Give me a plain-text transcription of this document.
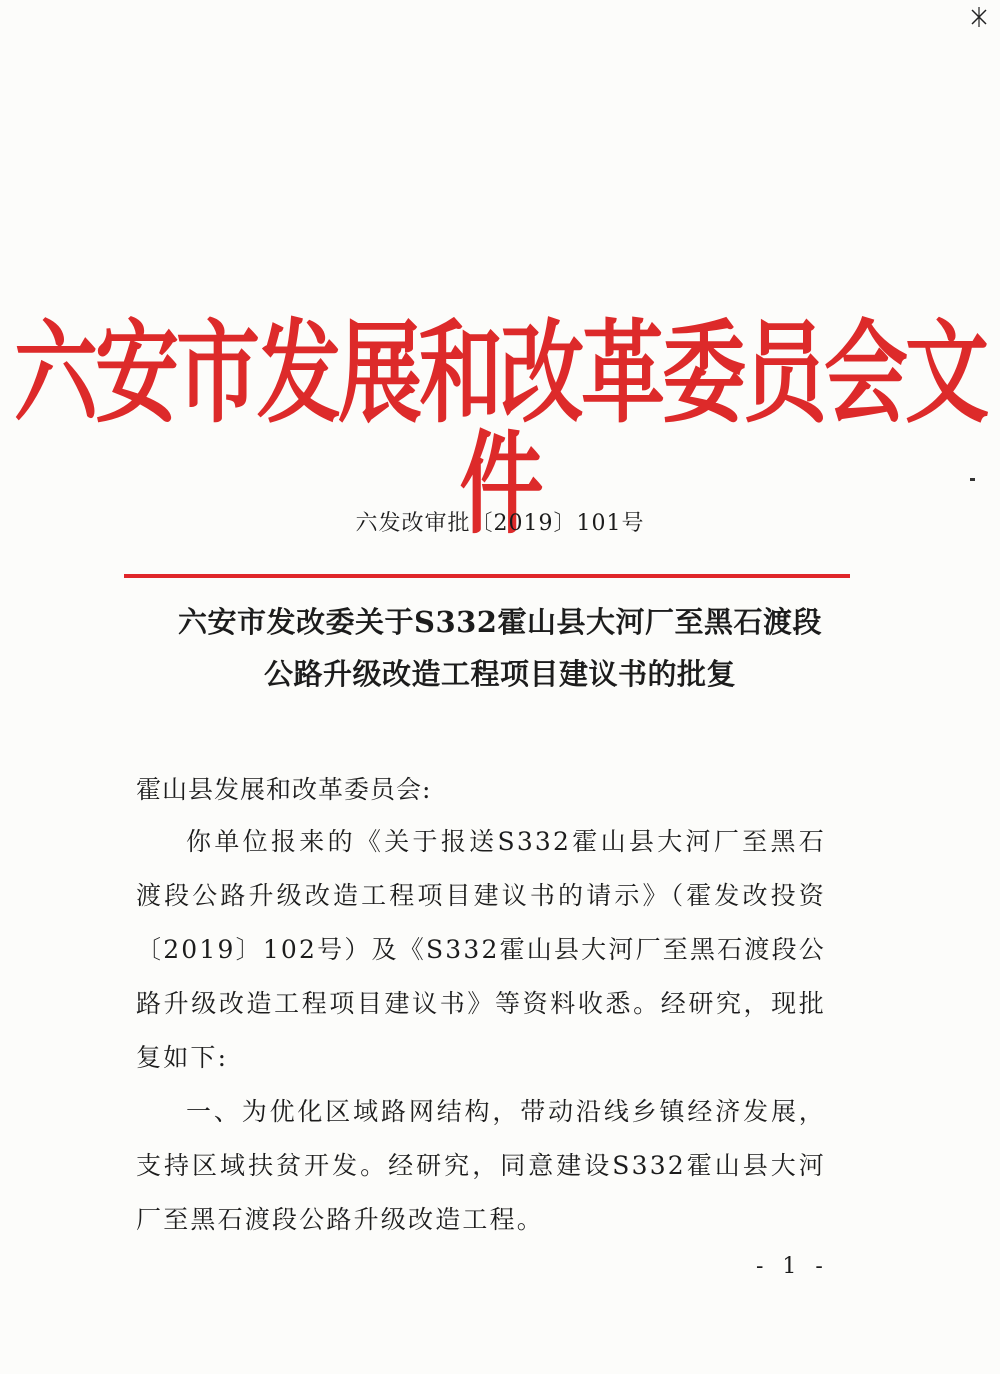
六安市发展和改革委员会文件
六发改审批〔2019〕101号
六安市发改委关于S332霍山县大河厂至黑石渡段
公路升级改造工程项目建议书的批复
霍山县发展和改革委员会:

你单位报来的《关于报送S332霍山县大河厂至黑石渡段公路升级改造工程项目建议书的请示》（霍发改投资〔2019〕102号）及《S332霍山县大河厂至黑石渡段公路升级改造工程项目建议书》等资料收悉。经研究，现批复如下:

一、为优化区域路网结构，带动沿线乡镇经济发展，支持区域扶贫开发。经研究，同意建设S332霍山县大河厂至黑石渡段公路升级改造工程。

- 1 -
